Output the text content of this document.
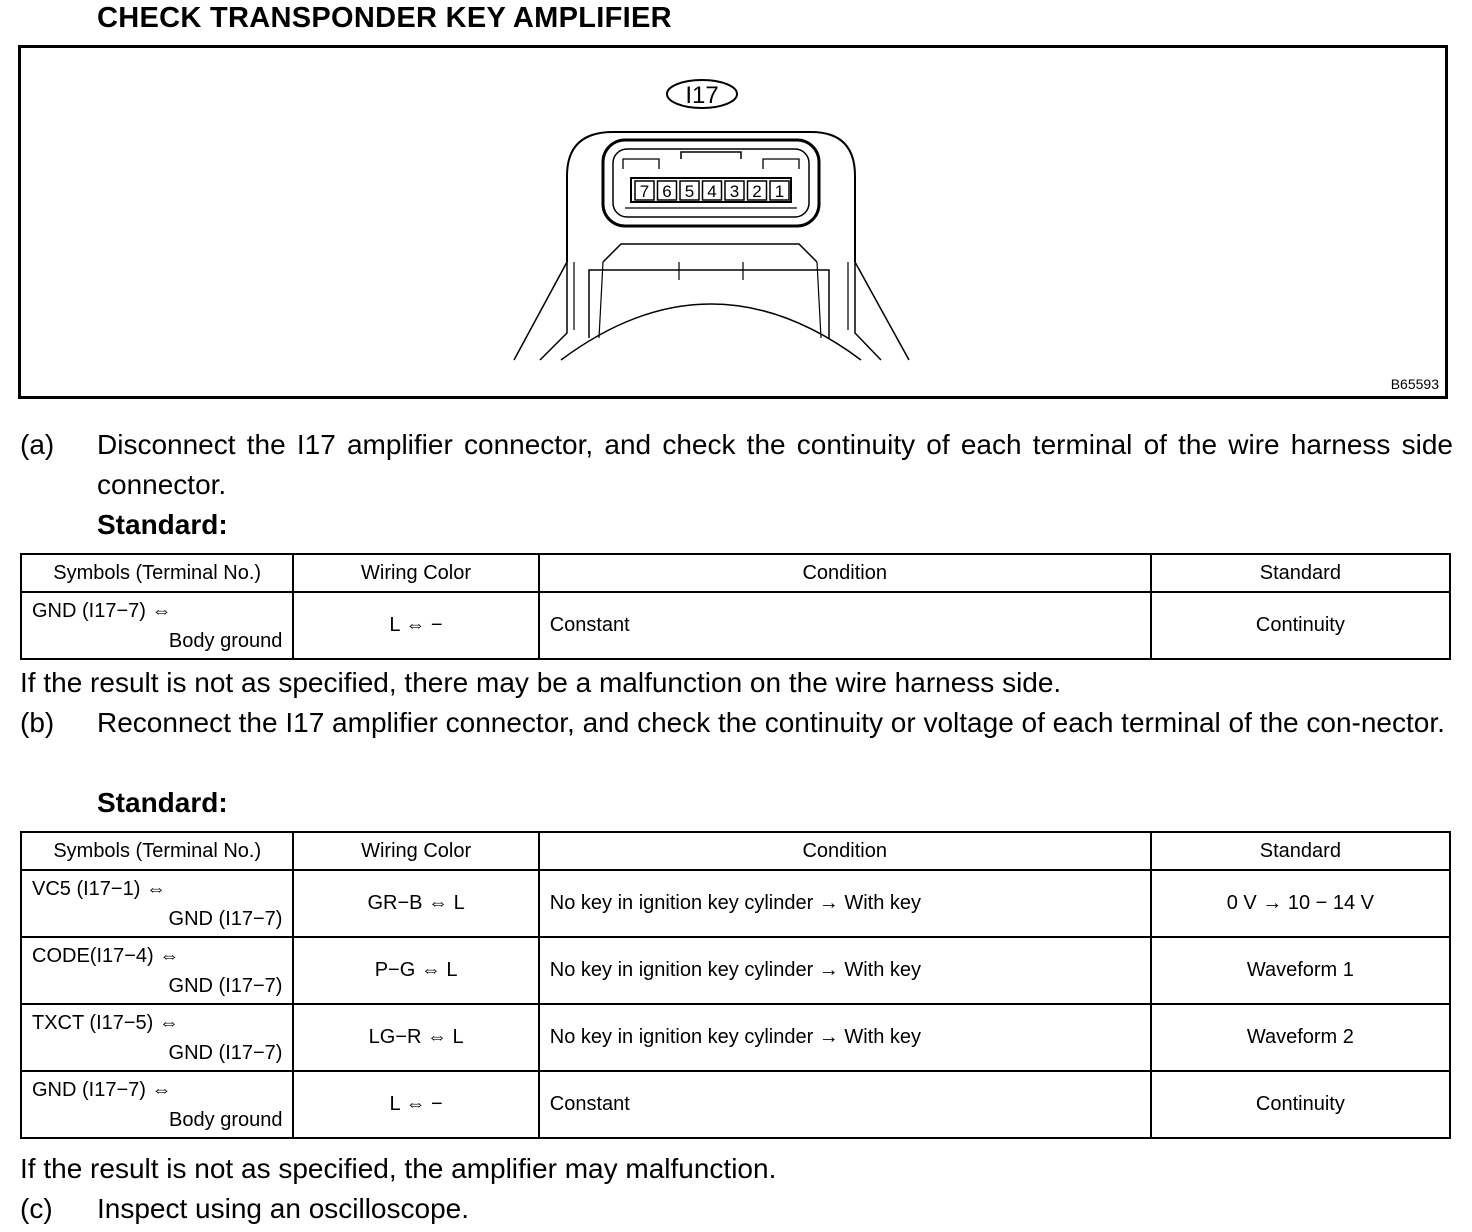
CHECK TRANSPONDER KEY AMPLIFIER
I17
7 6 5 4 3 2 1
B65593
(a) Disconnect the I17 amplifier connector, and check the continuity of each terminal of the wire harness side connector.
Standard:
Symbols (Terminal No.)	Wiring Color	Condition	Standard

GND (I17−7) ⇔
Body ground	L ⇔ −	Constant	Continuity
If the result is not as specified, there may be a malfunction on the wire harness side.
(b) Reconnect the I17 amplifier connector, and check the continuity or voltage of each terminal of the con-nector.
Standard:
Symbols (Terminal No.)	Wiring Color	Condition	Standard

VC5 (I17−1) ⇔
GND (I17−7)	GR−B ⇔ L	No key in ignition key cylinder → With key	0 V → 10 − 14 V

CODE(I17−4) ⇔
GND (I17−7)	P−G ⇔ L	No key in ignition key cylinder → With key	Waveform 1

TXCT (I17−5) ⇔
GND (I17−7)	LG−R ⇔ L	No key in ignition key cylinder → With key	Waveform 2

GND (I17−7) ⇔
Body ground	L ⇔ −	Constant	Continuity
If the result is not as specified, the amplifier may malfunction.
(c) Inspect using an oscilloscope.
